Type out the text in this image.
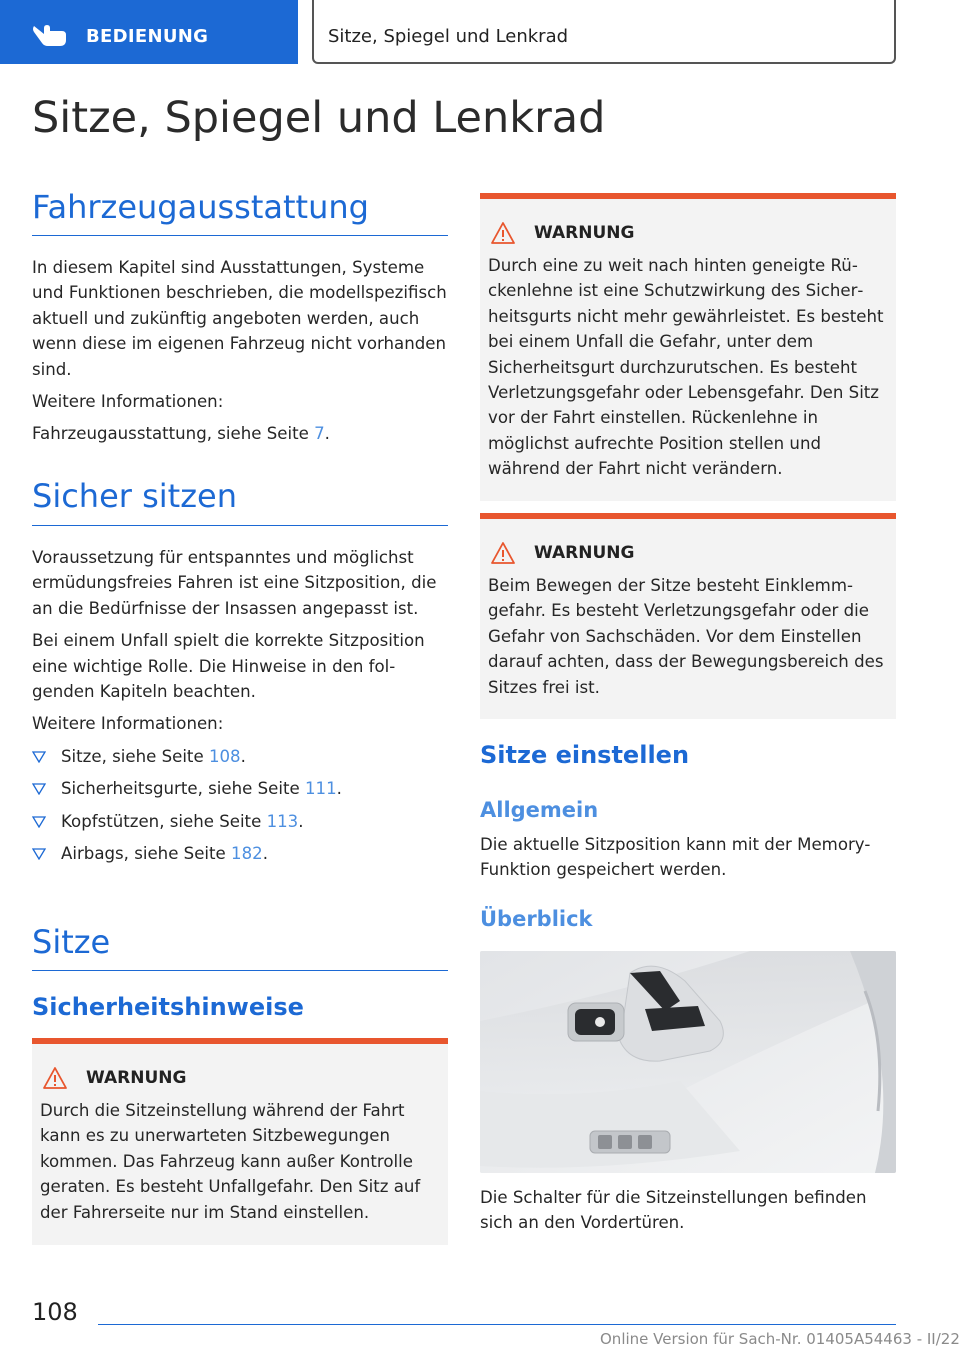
BEDIENUNG	Sitze, Spiegel und Lenkrad
Sitze, Spiegel und Lenkrad
Fahrzeugausstattung

In diesem Kapitel sind Ausstattungen, Systeme und Funktionen beschrieben, die modellspezifisch aktuell und zukünftig angeboten werden, auch wenn diese im eigenen Fahrzeug nicht vorhanden sind.

Weitere Informationen:

Fahrzeugausstattung, siehe Seite 7.

Sicher sitzen

Voraussetzung für entspanntes und möglichst ermüdungsfreies Fahren ist eine Sitzposition, die an die Bedürfnisse der Insassen angepasst ist.

Bei einem Unfall spielt die korrekte Sitzposition eine wichtige Rolle. Die Hinweise in den folgenden Kapiteln beachten.

Weitere Informationen:

Sitze, siehe Seite 108.
Sicherheitsgurte, siehe Seite 111.
Kopfstützen, siehe Seite 113.
Airbags, siehe Seite 182.
Sitze
Sicherheitshinweise
WARNUNG

Durch die Sitzeinstellung während der Fahrt kann es zu unerwarteten Sitzbewegungen kommen. Das Fahrzeug kann außer Kontrolle geraten. Es besteht Unfallgefahr. Den Sitz auf der Fahrerseite nur im Stand einstellen.

WARNUNG

Durch eine zu weit nach hinten geneigte Rückenlehne ist eine Schutzwirkung des Sicherheitsgurts nicht mehr gewährleistet. Es besteht bei einem Unfall die Gefahr, unter dem Sicherheitsgurt durchzurutschen. Es besteht Verletzungsgefahr oder Lebensgefahr. Den Sitz vor der Fahrt einstellen. Rückenlehne in möglichst aufrechte Position stellen und während der Fahrt nicht verändern.

WARNUNG

Beim Bewegen der Sitze besteht Einklemmgefahr. Es besteht Verletzungsgefahr oder die Gefahr von Sachschäden. Vor dem Einstellen darauf achten, dass der Bewegungsbereich des Sitzes frei ist.

Sitze einstellen
Allgemein

Die aktuelle Sitzposition kann mit der Memory-Funktion gespeichert werden.

Überblick

Die Schalter für die Sitzeinstellungen befinden sich an den Vordertüren.

108
Online Version für Sach-Nr. 01405A54463 - II/22
